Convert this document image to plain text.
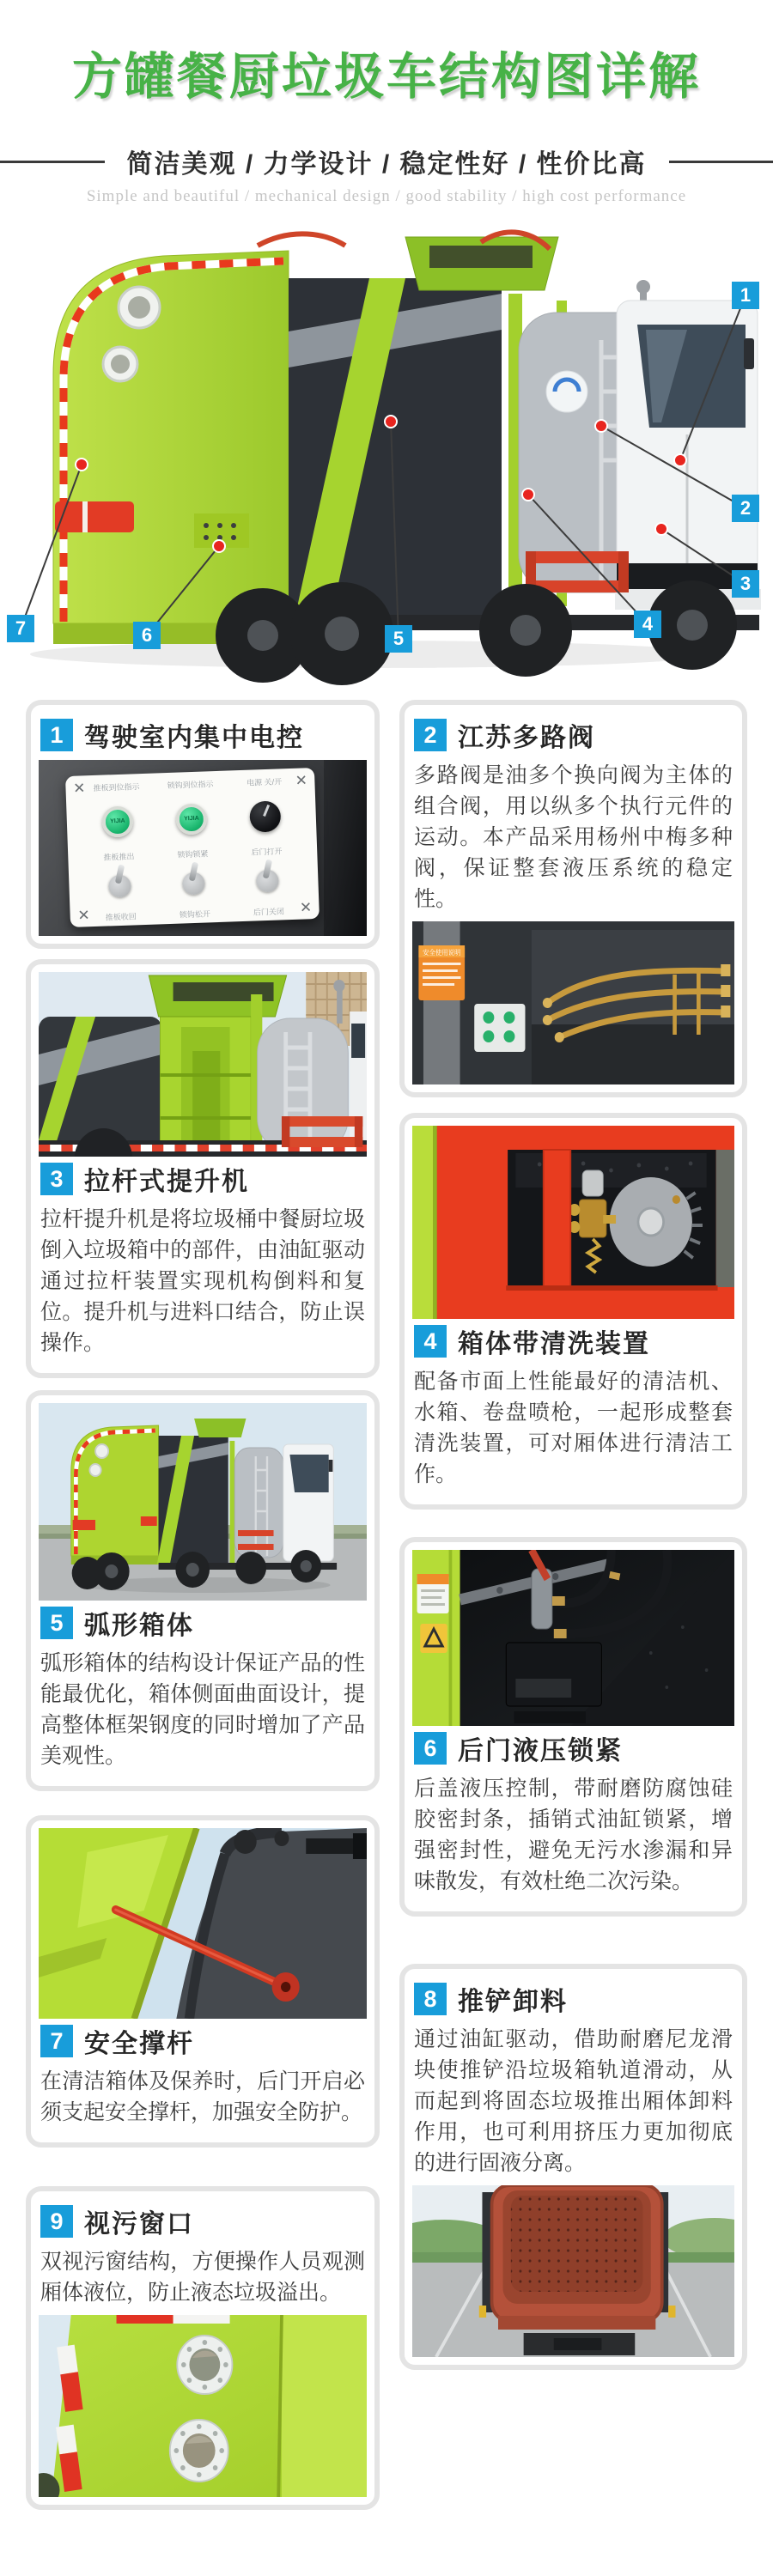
方罐餐厨垃圾车结构图详解
简洁美观 / 力学设计 / 稳定性好 / 性价比高
Simple and beautiful / mechanical design / good stability / high cost performance
1
2
3
4
5
6
7
1 驾驶室内集中电控
✕	✕
✕	✕
推板到位指示
YIJIA
推板推出
推板收回
锁钩到位指示
YIJIA
锁钩锁紧
锁钩松开
电源 关/开
后门打开
后门关闭
3 拉杆式提升机
拉杆提升机是将垃圾桶中餐厨垃圾倒入垃圾箱中的部件，由油缸驱动通过拉杆装置实现机构倒料和复位。提升机与进料口结合，防止误操作。
5 弧形箱体
弧形箱体的结构设计保证产品的性能最优化，箱体侧面曲面设计，提高整体框架钢度的同时增加了产品美观性。
7 安全撑杆
在清洁箱体及保养时，后门开启必须支起安全撑杆，加强安全防护。
9 视污窗口
双视污窗结构，方便操作人员观测厢体液位，防止液态垃圾溢出。
2 江苏多路阀
多路阀是油多个换向阀为主体的组合阀，用以纵多个执行元件的运动。本产品采用杨州中梅多种阀，保证整套液压系统的稳定性。
安全使用说明
4 箱体带清洗装置
配备市面上性能最好的清洁机、水箱、卷盘喷枪，一起形成整套清洗装置，可对厢体进行清洁工作。
6 后门液压锁紧
后盖液压控制，带耐磨防腐蚀硅胶密封条，插销式油缸锁紧，增强密封性，避免无污水渗漏和异味散发，有效杜绝二次污染。
8 推铲卸料
通过油缸驱动，借助耐磨尼龙滑块使推铲沿垃圾箱轨道滑动，从而起到将固态垃圾推出厢体卸料作用，也可利用挤压力更加彻底的进行固液分离。
